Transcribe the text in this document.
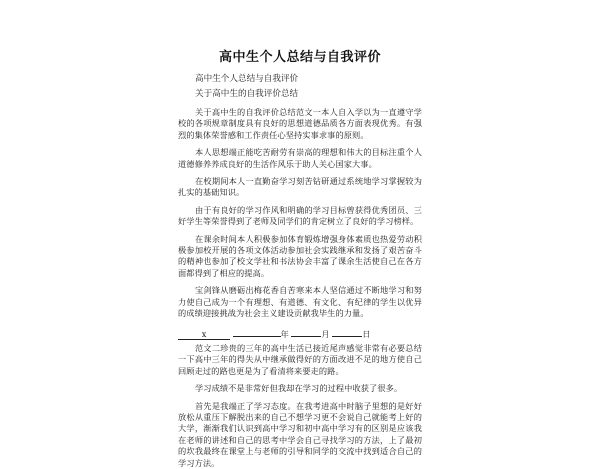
高中生个人总结与自我评价

高中生个人总结与自我评价

关于高中生的自我评价总结

关于高中生的自我评价总结范文一本人自入学以为一直遵守学校的各项规章制度具有良好的思想道德品质各方面表现优秀。有强烈的集体荣誉感和工作责任心坚持实事求事的原则。

本人思想端正能吃苦耐劳有崇高的理想和伟大的目标注重个人道德修养养成良好的生活作风乐于助人关心国家大事。

在校期间本人一直勤奋学习刻苦钻研通过系统地学习掌握较为扎实的基础知识。

由于有良好的学习作风和明确的学习目标曾获得优秀团员、三好学生等荣誉得到了老师及同学们的肯定树立了良好的学习榜样。

在课余时间本人积极参加体育锻炼增强身体素质也热爱劳动积极参加校开展的各项文体活动参加社会实践继承和发扬了艰苦奋斗的精神也参加了校文学社和书法协会丰富了课余生活使自己在各方面都得到了相应的提高。

宝剑锋从磨砺出梅花香自苦寒来本人坚信通过不断地学习和努力使自己成为一个有理想、有道德、有文化、有纪律的学生以优异的成绩迎接挑战为社会主义建设贡献我毕生的力量。

x	年	月	日

范文二珍贵的三年的高中生活已接近尾声感觉非常有必要总结一下高中三年的得失从中继承做得好的方面改进不足的地方使自己回顾走过的路也更是为了看清将来要走的路。

学习成绩不是非常好但我却在学习的过程中收获了很多。

首先是我端正了学习态度。在我考进高中时脑子里想的是好好放松从重压下解脱出来的自己不想学习更不会说自己就能考上好的大学，渐渐我们认识到高中学习和初中高中学习有的区别是应该我在老师的讲述和自己的思考中学会自己寻找学习的方法，上了最初的坎我最终在课堂上与老师的引导和同学的交流中找到适合自己的学习方法。
